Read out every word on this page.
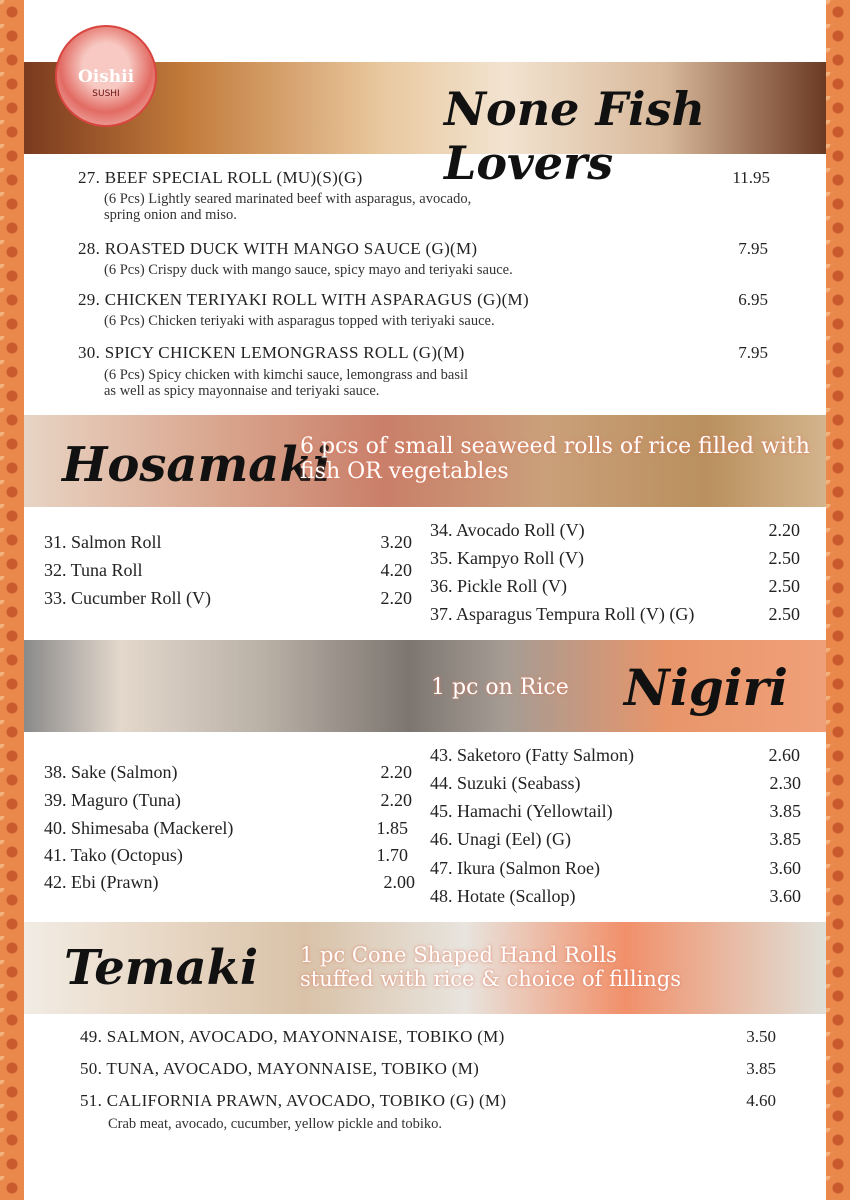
None Fish Lovers
Oishii
SUSHI
27. BEEF SPECIAL ROLL (MU)(S)(G)	11.95
(6 Pcs) Lightly seared marinated beef with asparagus, avocado,
spring onion and miso.
28. ROASTED DUCK WITH MANGO SAUCE (G)(M)	7.95
(6 Pcs) Crispy duck with mango sauce, spicy mayo and teriyaki sauce.
29. CHICKEN TERIYAKI ROLL WITH ASPARAGUS (G)(M)	6.95
(6 Pcs) Chicken teriyaki with asparagus topped with teriyaki sauce.
30. SPICY CHICKEN LEMONGRASS ROLL (G)(M)	7.95
(6 Pcs) Spicy chicken with kimchi sauce, lemongrass and basil
as well as spicy mayonnaise and teriyaki sauce.
Hosamaki
6 pcs of small seaweed rolls of rice filled with
fish OR vegetables
31. Salmon Roll	3.20
32. Tuna Roll	4.20
33. Cucumber Roll (V)	2.20
34. Avocado Roll (V)	2.20
35. Kampyo Roll (V)	2.50
36. Pickle Roll (V)	2.50
37. Asparagus Tempura Roll (V) (G)	2.50
1 pc on Rice Nigiri
38. Sake (Salmon)	2.20
39. Maguro (Tuna)	2.20
40. Shimesaba (Mackerel)	1.85
41. Tako (Octopus)	1.70
42. Ebi (Prawn)	2.00
43. Saketoro (Fatty Salmon)	2.60
44. Suzuki (Seabass)	2.30
45. Hamachi (Yellowtail)	3.85
46. Unagi (Eel) (G)	3.85
47. Ikura (Salmon Roe)	3.60
48. Hotate (Scallop)	3.60
Temaki 1 pc Cone Shaped Hand Rolls
stuffed with rice & choice of fillings
49. SALMON, AVOCADO, MAYONNAISE, TOBIKO (M)	3.50
50. TUNA, AVOCADO, MAYONNAISE, TOBIKO (M)	3.85
51. CALIFORNIA PRAWN, AVOCADO, TOBIKO (G) (M)	4.60
Crab meat, avocado, cucumber, yellow pickle and tobiko.
